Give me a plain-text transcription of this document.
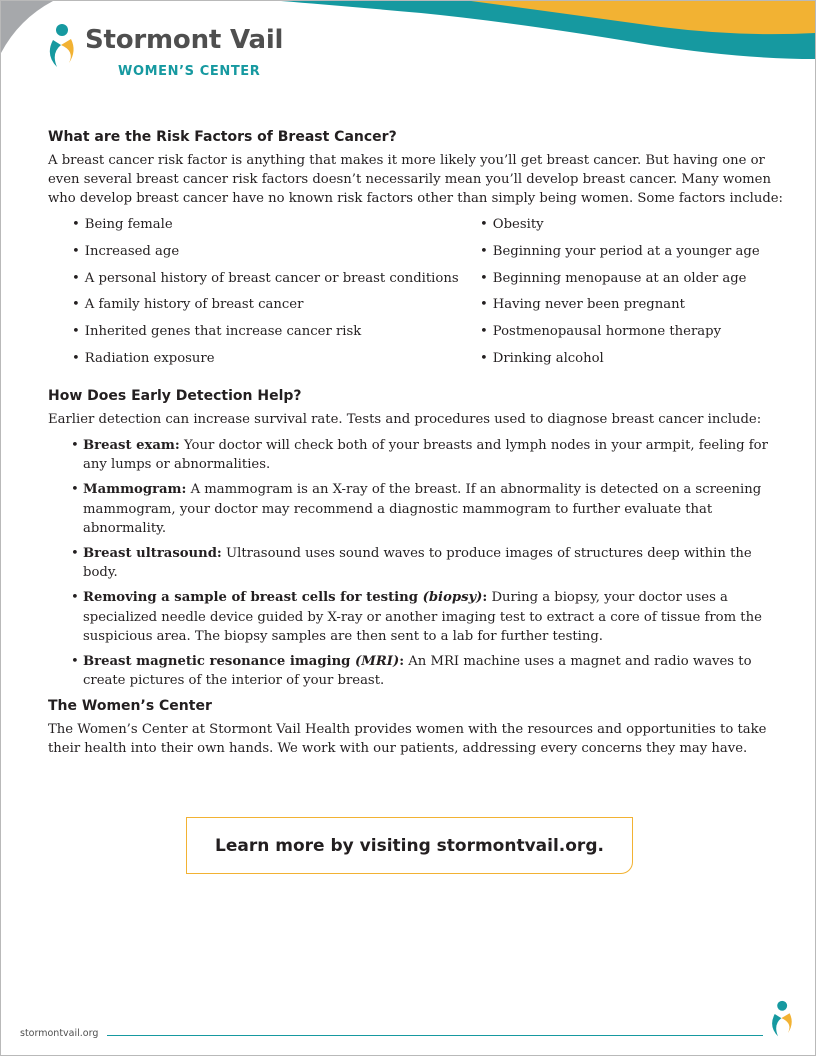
Stormont Vail
WOMEN’S CENTER
What are the Risk Factors of Breast Cancer?

A breast cancer risk factor is anything that makes it more likely you’ll get breast cancer. But having one or even several breast cancer risk factors doesn’t necessarily mean you’ll develop breast cancer. Many women who develop breast cancer have no known risk factors other than simply being women. Some factors include:

• Being female
• Increased age
• A personal history of breast cancer or breast conditions
• A family history of breast cancer
• Inherited genes that increase cancer risk
• Radiation exposure
• Obesity
• Beginning your period at a younger age
• Beginning menopause at an older age
• Having never been pregnant
• Postmenopausal hormone therapy
• Drinking alcohol
How Does Early Detection Help?

Earlier detection can increase survival rate. Tests and procedures used to diagnose breast cancer include:

• Breast exam: Your doctor will check both of your breasts and lymph nodes in your armpit, feeling for any lumps or abnormalities.
• Mammogram: A mammogram is an X-ray of the breast. If an abnormality is detected on a screening mammogram, your doctor may recommend a diagnostic mammogram to further evaluate that abnormality.
• Breast ultrasound: Ultrasound uses sound waves to produce images of structures deep within the body.
• Removing a sample of breast cells for testing (biopsy): During a biopsy, your doctor uses a specialized needle device guided by X-ray or another imaging test to extract a core of tissue from the suspicious area. The biopsy samples are then sent to a lab for further testing.
• Breast magnetic resonance imaging (MRI): An MRI machine uses a magnet and radio waves to create pictures of the interior of your breast.
The Women’s Center

The Women’s Center at Stormont Vail Health provides women with the resources and opportunities to take their health into their own hands. We work with our patients, addressing every concerns they may have.

Learn more by visiting stormontvail.org.
stormontvail.org
